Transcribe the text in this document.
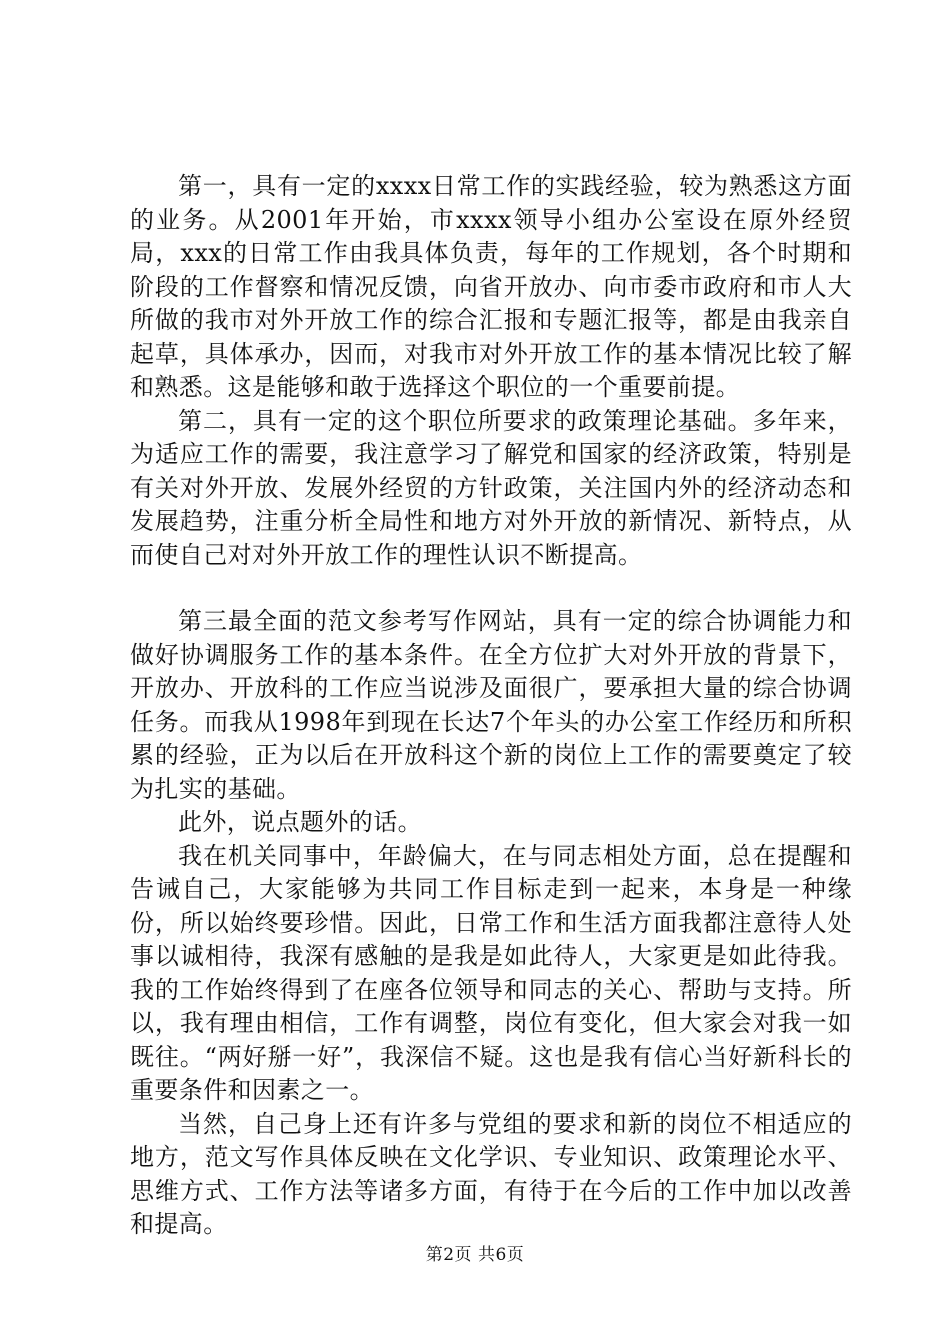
第一，具有一定的xxxx日常工作的实践经验，较为熟悉这方面的业务。从2001年开始，市xxxx领导小组办公室设在原外经贸局，xxx的日常工作由我具体负责，每年的工作规划，各个时期和阶段的工作督察和情况反馈，向省开放办、向市委市政府和市人大所做的我市对外开放工作的综合汇报和专题汇报等，都是由我亲自起草，具体承办，因而，对我市对外开放工作的基本情况比较了解和熟悉。这是能够和敢于选择这个职位的一个重要前提。

第二，具有一定的这个职位所要求的政策理论基础。多年来，为适应工作的需要，我注意学习了解党和国家的经济政策，特别是有关对外开放、发展外经贸的方针政策，关注国内外的经济动态和发展趋势，注重分析全局性和地方对外开放的新情况、新特点，从而使自己对对外开放工作的理性认识不断提高。

第三最全面的范文参考写作网站，具有一定的综合协调能力和做好协调服务工作的基本条件。在全方位扩大对外开放的背景下，开放办、开放科的工作应当说涉及面很广，要承担大量的综合协调任务。而我从1998年到现在长达7个年头的办公室工作经历和所积累的经验，正为以后在开放科这个新的岗位上工作的需要奠定了较为扎实的基础。

此外，说点题外的话。

我在机关同事中，年龄偏大，在与同志相处方面，总在提醒和告诫自己，大家能够为共同工作目标走到一起来，本身是一种缘份，所以始终要珍惜。因此，日常工作和生活方面我都注意待人处事以诚相待，我深有感触的是我是如此待人，大家更是如此待我。我的工作始终得到了在座各位领导和同志的关心、帮助与支持。所以，我有理由相信，工作有调整，岗位有变化，但大家会对我一如既往。“两好掰一好”，我深信不疑。这也是我有信心当好新科长的重要条件和因素之一。

当然，自己身上还有许多与党组的要求和新的岗位不相适应的地方，范文写作具体反映在文化学识、专业知识、政策理论水平、思维方式、工作方法等诸多方面，有待于在今后的工作中加以改善和提高。

第2页 共6页
